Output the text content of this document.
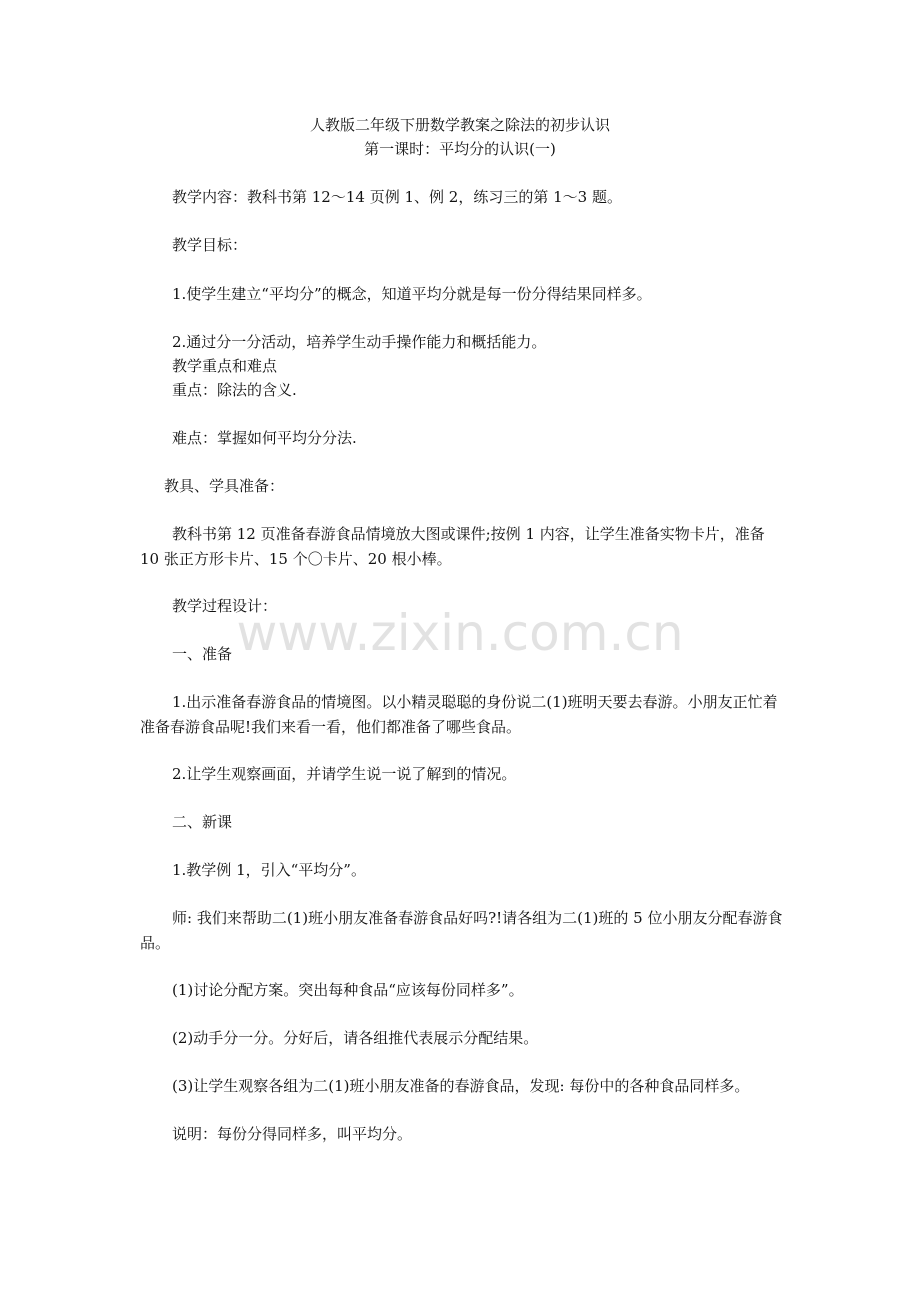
人教版二年级下册数学教案之除法的初步认识
第一课时：平均分的认识(一)
教学内容：教科书第 12～14 页例 1、例 2，练习三的第 1～3 题。
教学目标：
1.使学生建立“平均分”的概念，知道平均分就是每一份分得结果同样多。
2.通过分一分活动，培养学生动手操作能力和概括能力。
教学重点和难点
重点：除法的含义.
难点：掌握如何平均分分法.
教具、学具准备：
教科书第 12 页准备春游食品情境放大图或课件;按例 1 内容，让学生准备实物卡片，准备 10 张正方形卡片、15 个〇卡片、20 根小棒。
教学过程设计：
一、准备
1.出示准备春游食品的情境图。以小精灵聪聪的身份说二(1)班明天要去春游。小朋友正忙着准备春游食品呢!我们来看一看，他们都准备了哪些食品。
2.让学生观察画面，并请学生说一说了解到的情况。
二、新课
1.教学例 1，引入“平均分”。
师: 我们来帮助二(1)班小朋友准备春游食品好吗?!请各组为二(1)班的 5 位小朋友分配春游食品。
(1)讨论分配方案。突出每种食品“应该每份同样多”。
(2)动手分一分。分好后，请各组推代表展示分配结果。
(3)让学生观察各组为二(1)班小朋友准备的春游食品，发现: 每份中的各种食品同样多。
说明：每份分得同样多，叫平均分。
www.zixin.com.cn
